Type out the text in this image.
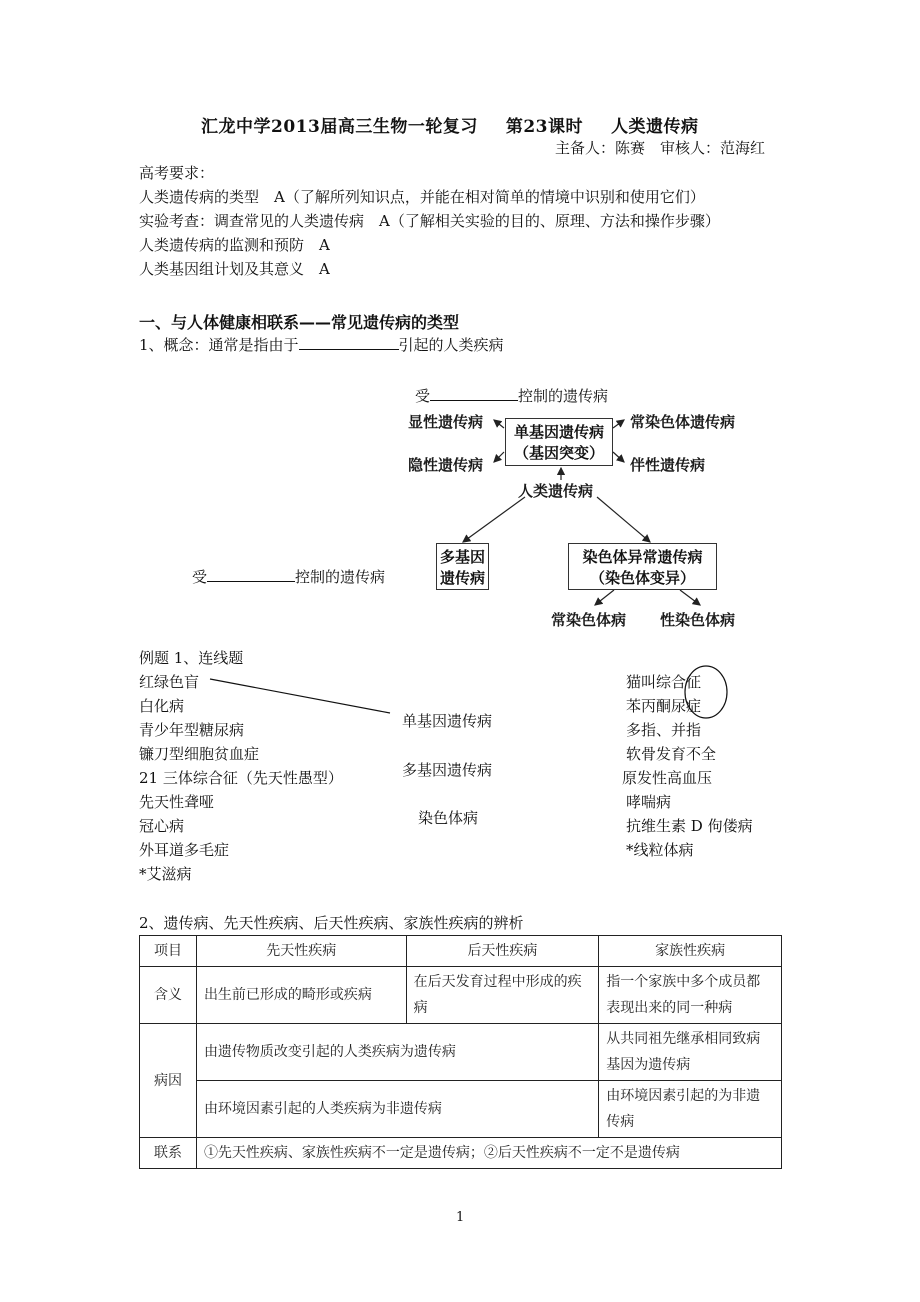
汇龙中学2013届高三生物一轮复习 第23课时 人类遗传病
主备人：陈赛　审核人：范海红
高考要求：
人类遗传病的类型　A（了解所列知识点，并能在相对简单的情境中识别和使用它们）
实验考查：调查常见的人类遗传病　A（了解相关实验的目的、原理、方法和操作步骤）
人类遗传病的监测和预防　A
人类基因组计划及其意义　A
一、与人体健康相联系——常见遗传病的类型
1、概念：通常是指由于	引起的人类疾病
受	控制的遗传病
显性遗传病
隐性遗传病
常染色体遗传病
伴性遗传病
单基因遗传病
（基因突变）
人类遗传病
受	控制的遗传病
多基因
遗传病
染色体异常遗传病
（染色体变异）
常染色体病 性染色体病
例题 1、连线题
红绿色盲
白化病
青少年型糖尿病
镰刀型细胞贫血症
21 三体综合征（先天性愚型）
先天性聋哑
冠心病
外耳道多毛症
*艾滋病
单基因遗传病
多基因遗传病
染色体病
猫叫综合征
苯丙酮尿症
多指、并指
软骨发育不全
原发性高血压
哮喘病
抗维生素 D 佝偻病
*线粒体病
2、遗传病、先天性疾病、后天性疾病、家族性疾病的辨析
项目	先天性疾病	后天性疾病	家族性疾病
含义	出生前已形成的畸形或疾病	在后天发育过程中形成的疾病	指一个家族中多个成员都表现出来的同一种病
病因	由遗传物质改变引起的人类疾病为遗传病		从共同祖先继承相同致病基因为遗传病
	由环境因素引起的人类疾病为非遗传病		由环境因素引起的为非遗传病
联系	①先天性疾病、家族性疾病不一定是遗传病；②后天性疾病不一定不是遗传病		
1
